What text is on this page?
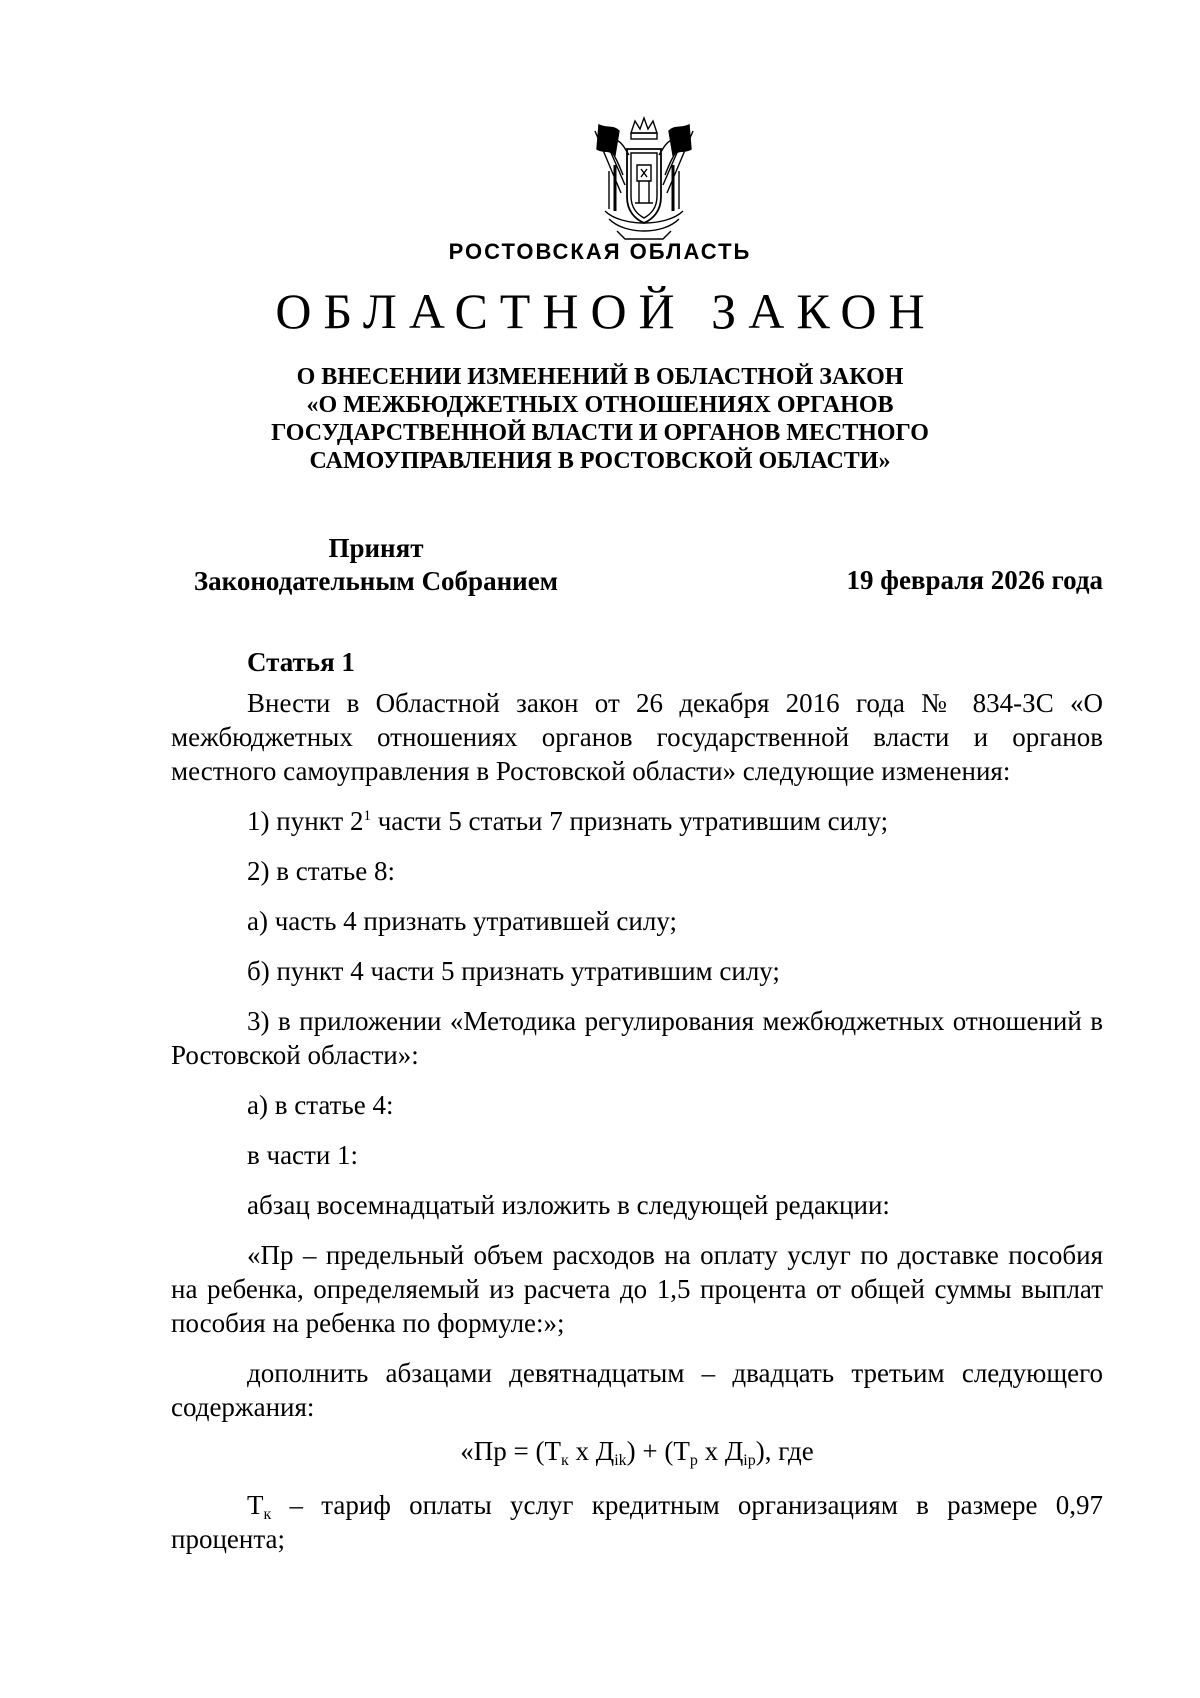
РОСТОВСКАЯ ОБЛАСТЬ
ОБЛАСТНОЙ ЗАКОН
О ВНЕСЕНИИ ИЗМЕНЕНИЙ В ОБЛАСТНОЙ ЗАКОН
«О МЕЖБЮДЖЕТНЫХ ОТНОШЕНИЯХ ОРГАНОВ
ГОСУДАРСТВЕННОЙ ВЛАСТИ И ОРГАНОВ МЕСТНОГО
САМОУПРАВЛЕНИЯ В РОСТОВСКОЙ ОБЛАСТИ»
Принят
Законодательным Собранием	19 февраля 2026 года
Статья 1
Внести в Областной закон от 26 декабря 2016 года № 834-ЗС «О межбюджетных отношениях органов государственной власти и органов местного самоуправления в Ростовской области» следующие изменения:
1) пункт $2^1$ части 5 статьи 7 признать утратившим силу;
2) в статье 8:
а) часть 4 признать утратившей силу;
б) пункт 4 части 5 признать утратившим силу;
3) в приложении «Методика регулирования межбюджетных отношений в Ростовской области»:
а) в статье 4:
в части 1:
абзац восемнадцатый изложить в следующей редакции:
«Пр – предельный объем расходов на оплату услуг по доставке пособия на ребенка, определяемый из расчета до 1,5 процента от общей суммы выплат пособия на ребенка по формуле:»;
дополнить абзацами девятнадцатым – двадцать третьим следующего содержания:
«Пр = ($Т_к$ х $Д_{ik}) + (Т_р$ х $Д_{ip}$), где
$Т_к$ – тариф оплаты услуг кредитным организациям в размере 0,97 процента;
